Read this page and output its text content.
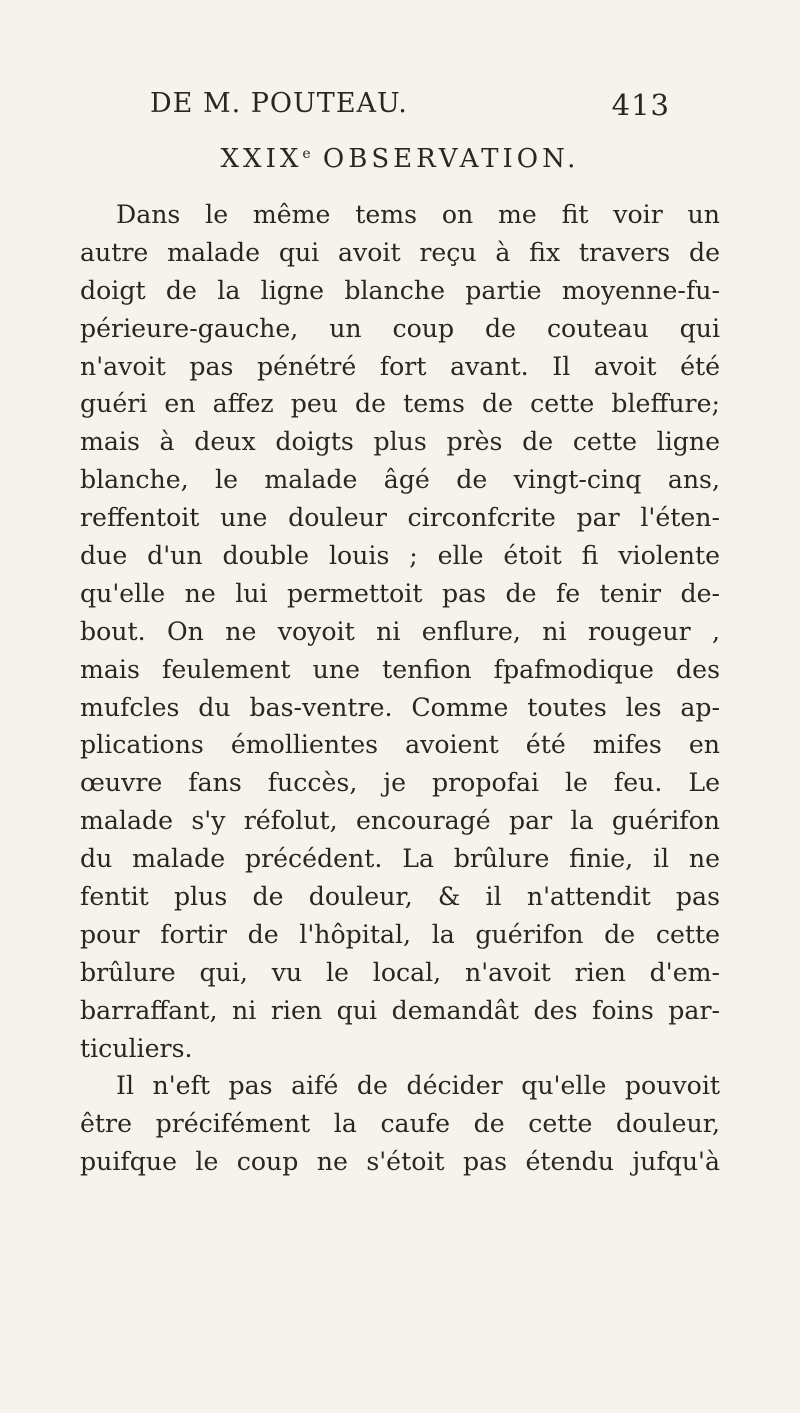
DE M. POUTEAU.	413
XXIXe OBSERVATION.
Dans le même tems on me fit voir un
autre malade qui avoit reçu à fix travers de
doigt de la ligne blanche partie moyenne-fu-
périeure-gauche, un coup de couteau qui
n'avoit pas pénétré fort avant. Il avoit été
guéri en affez peu de tems de cette bleffure;
mais à deux doigts plus près de cette ligne
blanche, le malade âgé de vingt-cinq ans,
reffentoit une douleur circonfcrite par l'éten-
due d'un double louis ; elle étoit fi violente
qu'elle ne lui permettoit pas de fe tenir de-
bout. On ne voyoit ni enflure, ni rougeur ,
mais feulement une tenfion fpafmodique des
mufcles du bas-ventre. Comme toutes les ap-
plications émollientes avoient été mifes en
œuvre fans fuccès, je propofai le feu. Le
malade s'y réfolut, encouragé par la guérifon
du malade précédent. La brûlure finie, il ne
fentit plus de douleur, & il n'attendit pas
pour fortir de l'hôpital, la guérifon de cette
brûlure qui, vu le local, n'avoit rien d'em-
barraffant, ni rien qui demandât des foins par-
ticuliers.
Il n'eft pas aifé de décider qu'elle pouvoit
être précifément la caufe de cette douleur,
puifque le coup ne s'étoit pas étendu jufqu'à
